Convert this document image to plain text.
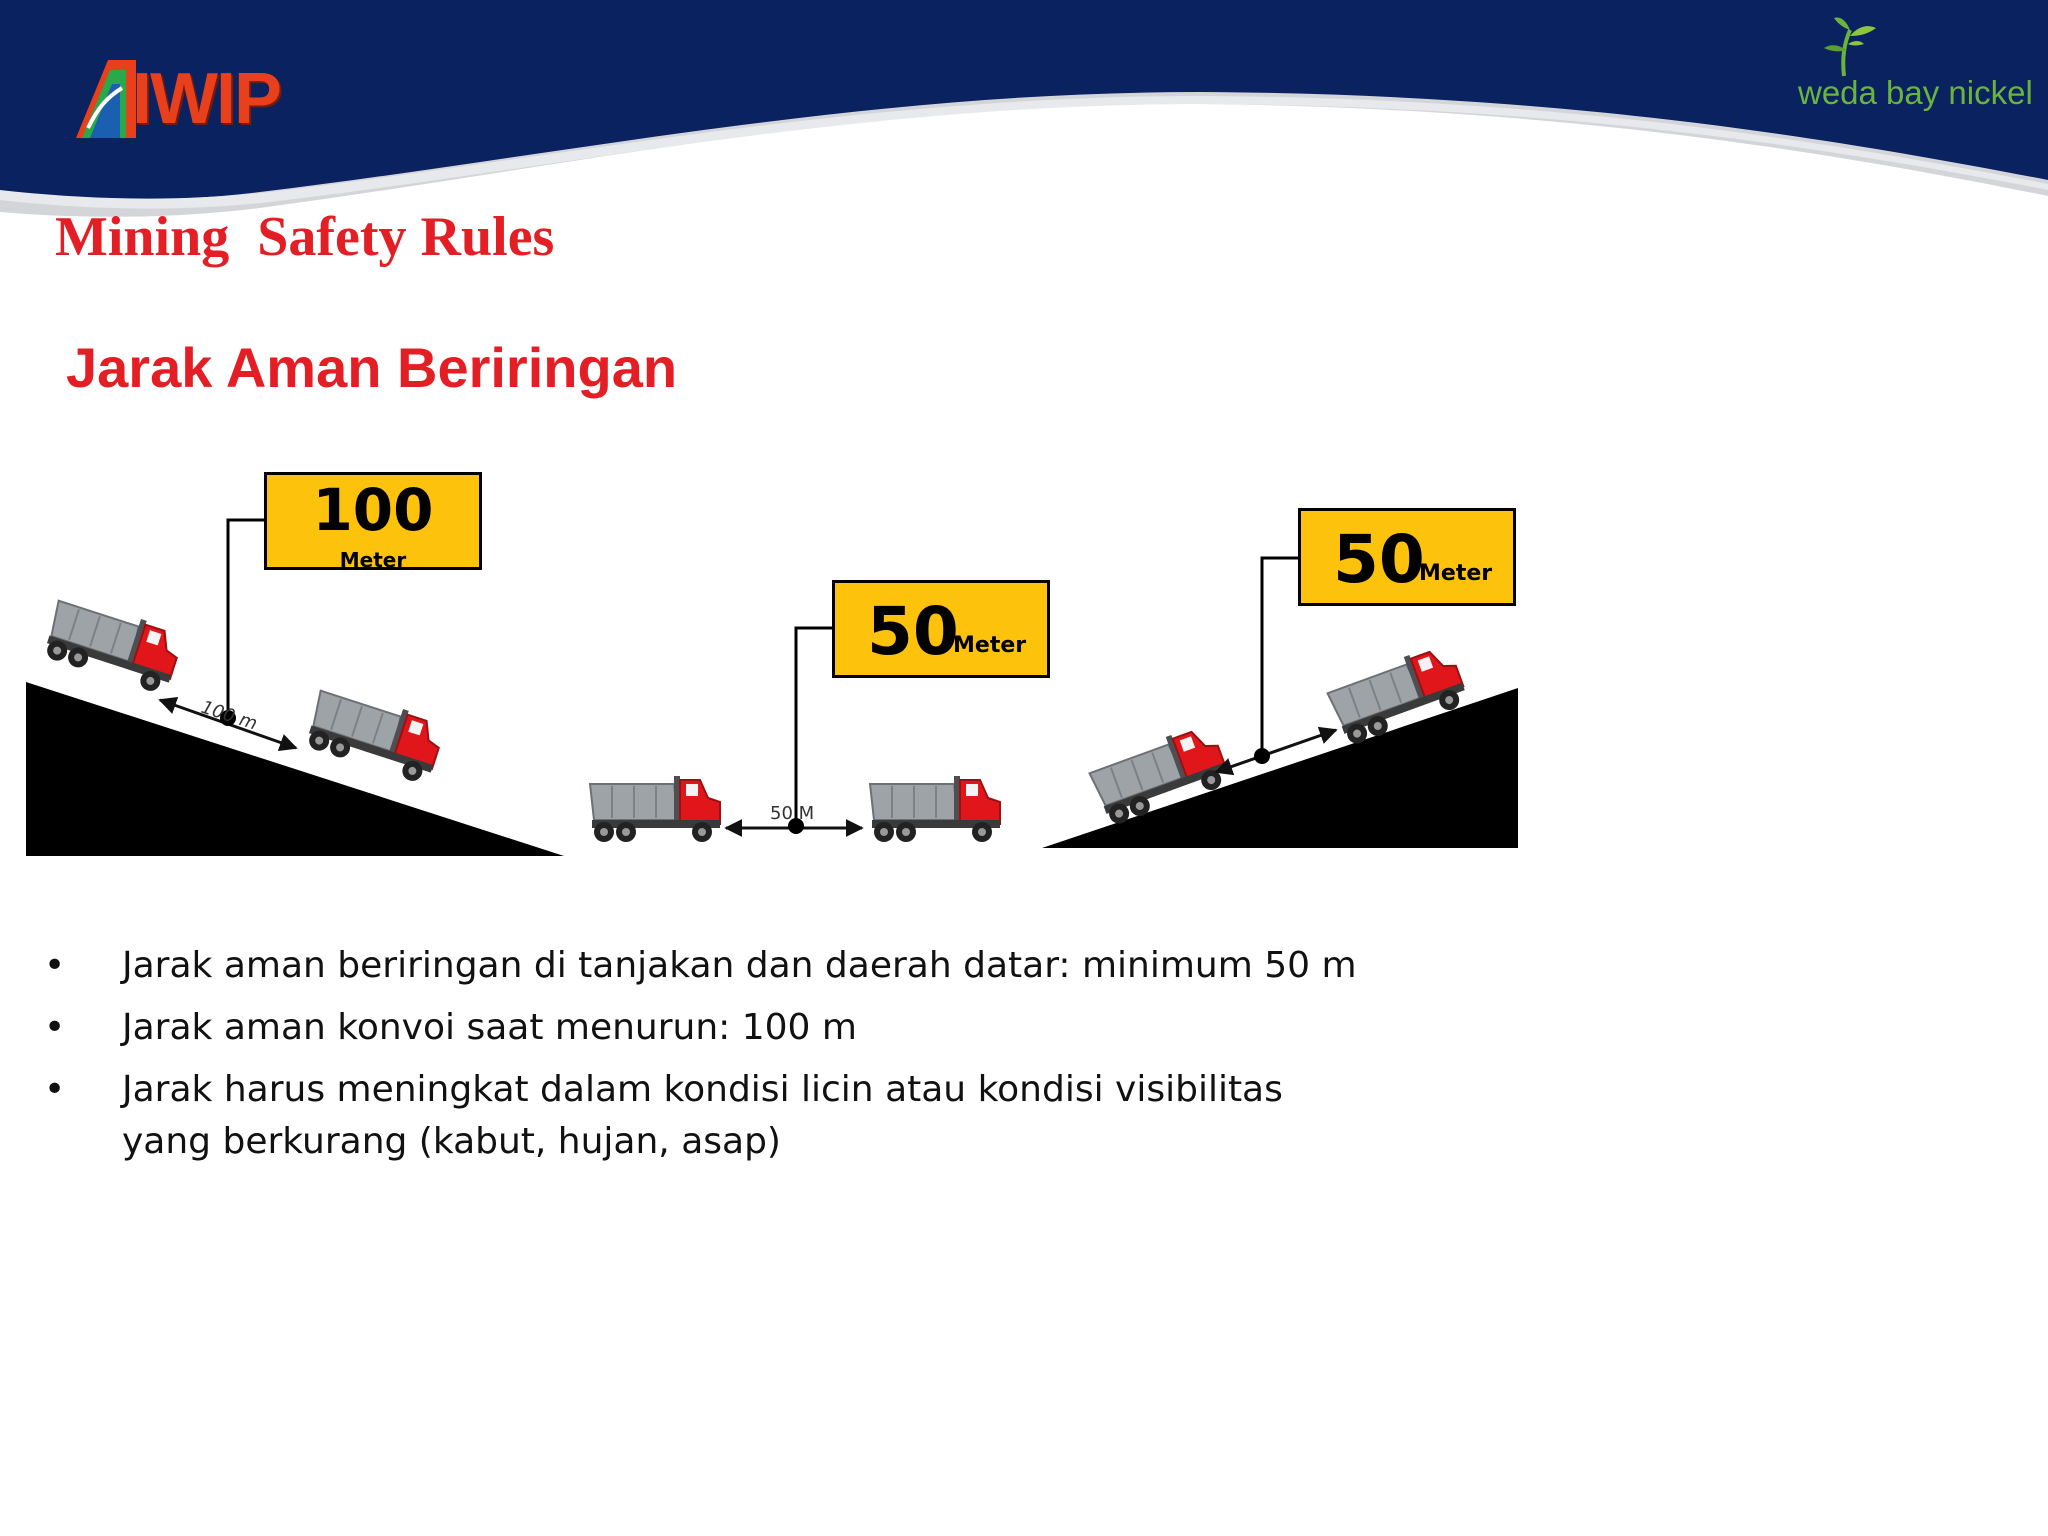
IWIP	weda bay nickel
Mining  Safety Rules
Jarak Aman Beriringan
100 m
50 M
100
Meter
50
Meter
50
Meter
• Jarak aman beriringan di tanjakan dan daerah datar: minimum 50 m
• Jarak aman konvoi saat menurun: 100 m
• Jarak harus meningkat dalam kondisi licin atau kondisi visibilitas yang berkurang (kabut, hujan, asap)
